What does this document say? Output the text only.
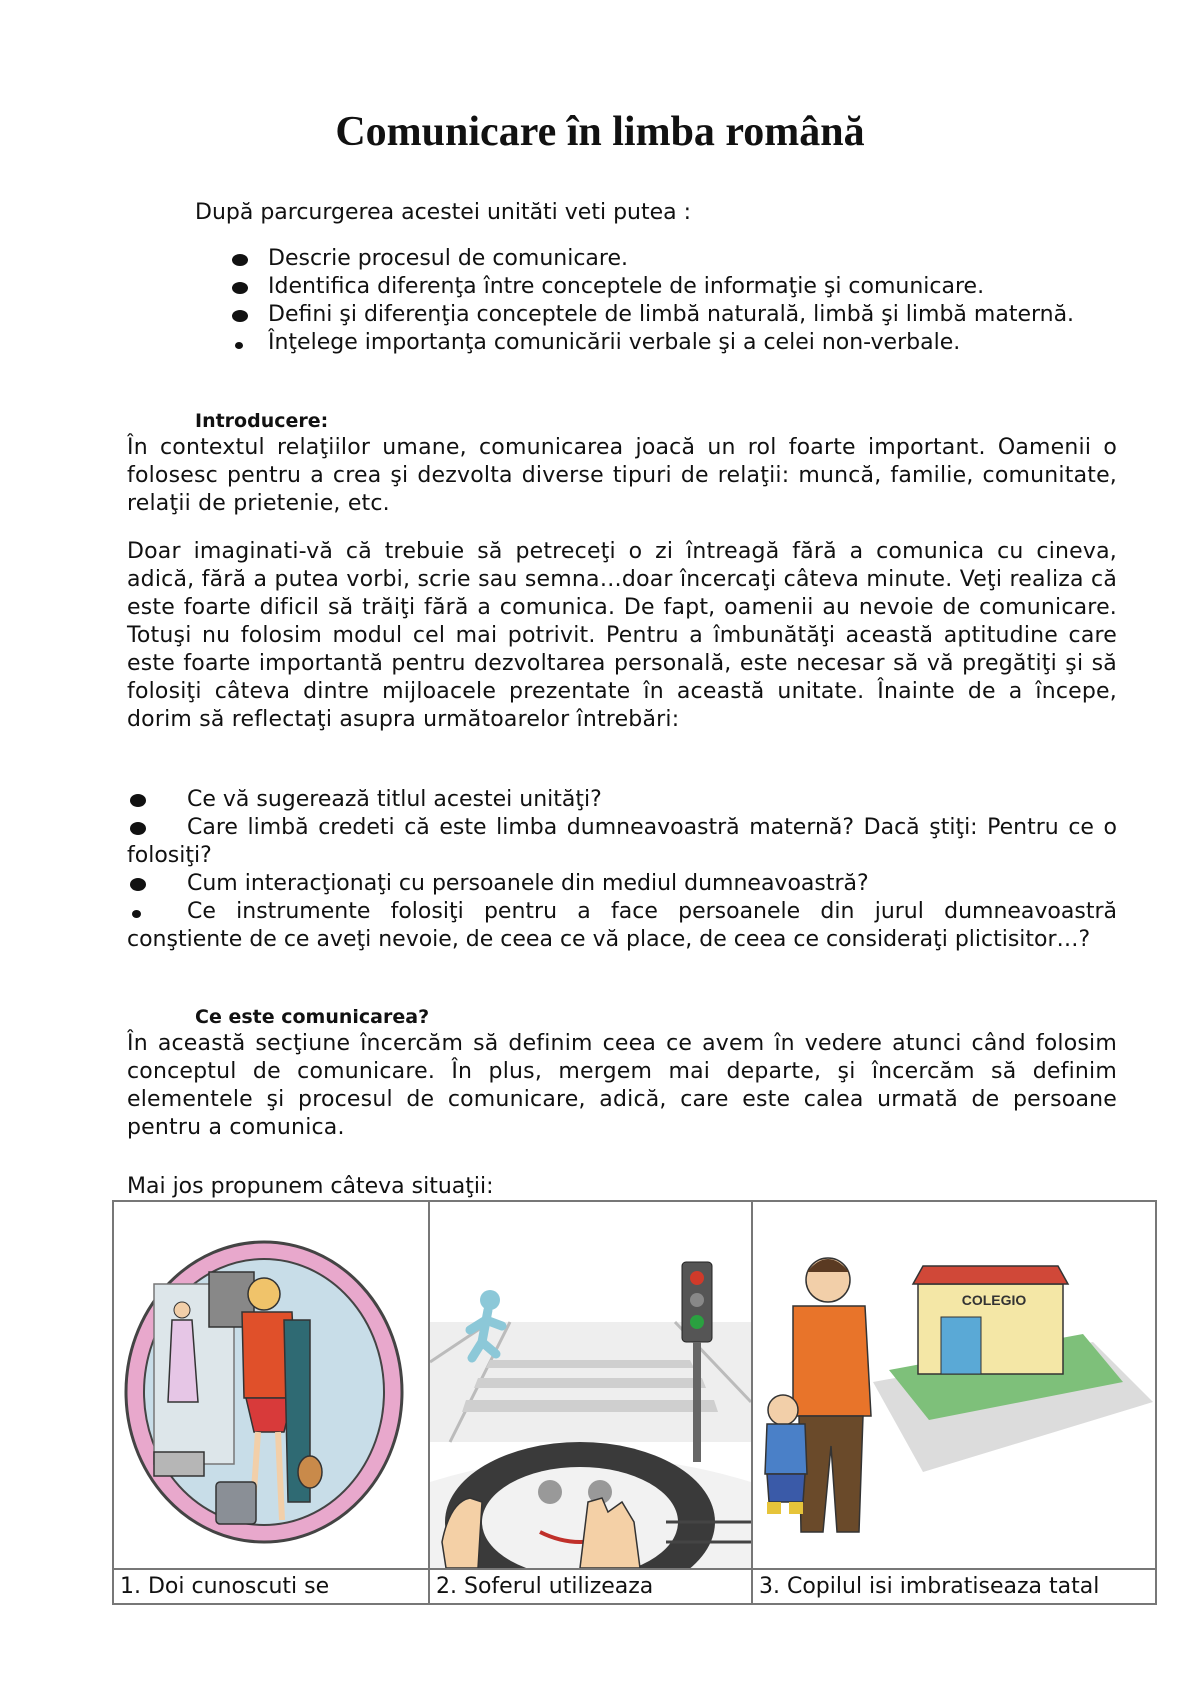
Comunicare în limba română
După parcurgerea acestei unităti veti putea :
Descrie procesul de comunicare.
Identifica diferenţa între conceptele de informaţie şi comunicare.
Defini şi diferenţia conceptele de limbă naturală, limbă şi limbă maternă.
Înţelege importanţa comunicării verbale şi a celei non-verbale.
Introducere:

În contextul relaţiilor umane, comunicarea joacă un rol foarte important. Oamenii o folosesc pentru a crea şi dezvolta diverse tipuri de relaţii: muncă, familie, comunitate, relaţii de prietenie, etc.

Doar imaginati-vă că trebuie să petreceţi o zi întreagă fără a comunica cu cineva, adică, fără a putea vorbi, scrie sau semna…doar încercaţi câteva minute. Veţi realiza că este foarte dificil să trăiţi fără a comunica. De fapt, oamenii au nevoie de comunicare. Totuşi nu folosim modul cel mai potrivit. Pentru a îmbunătăţi această aptitudine care este foarte importantă pentru dezvoltarea personală, este necesar să vă pregătiţi şi să folosiţi câteva dintre mijloacele prezentate în această unitate. Înainte de a începe, dorim să reflectaţi asupra următoarelor întrebări:

Ce vă sugerează titlul acestei unităţi?
Care limbă credeti că este limba dumneavoastră maternă? Dacă ştiţi: Pentru ce o folosiţi?
Cum interacţionaţi cu persoanele din mediul dumneavoastră?
Ce instrumente folosiţi pentru a face persoanele din jurul dumneavoastră conştiente de ce aveţi nevoie, de ceea ce vă place, de ceea ce consideraţi plictisitor…?
Ce este comunicarea?

În această secţiune încercăm să definim ceea ce avem în vedere atunci când folosim conceptul de comunicare. În plus, mergem mai departe, şi încercăm să definim elementele şi procesul de comunicare, adică, care este calea urmată de persoane pentru a comunica.

Mai jos propunem câteva situaţii:

COLEGIO

1. Doi cunoscuti se	2. Soferul utilizeaza	3. Copilul isi imbratiseaza tatal
